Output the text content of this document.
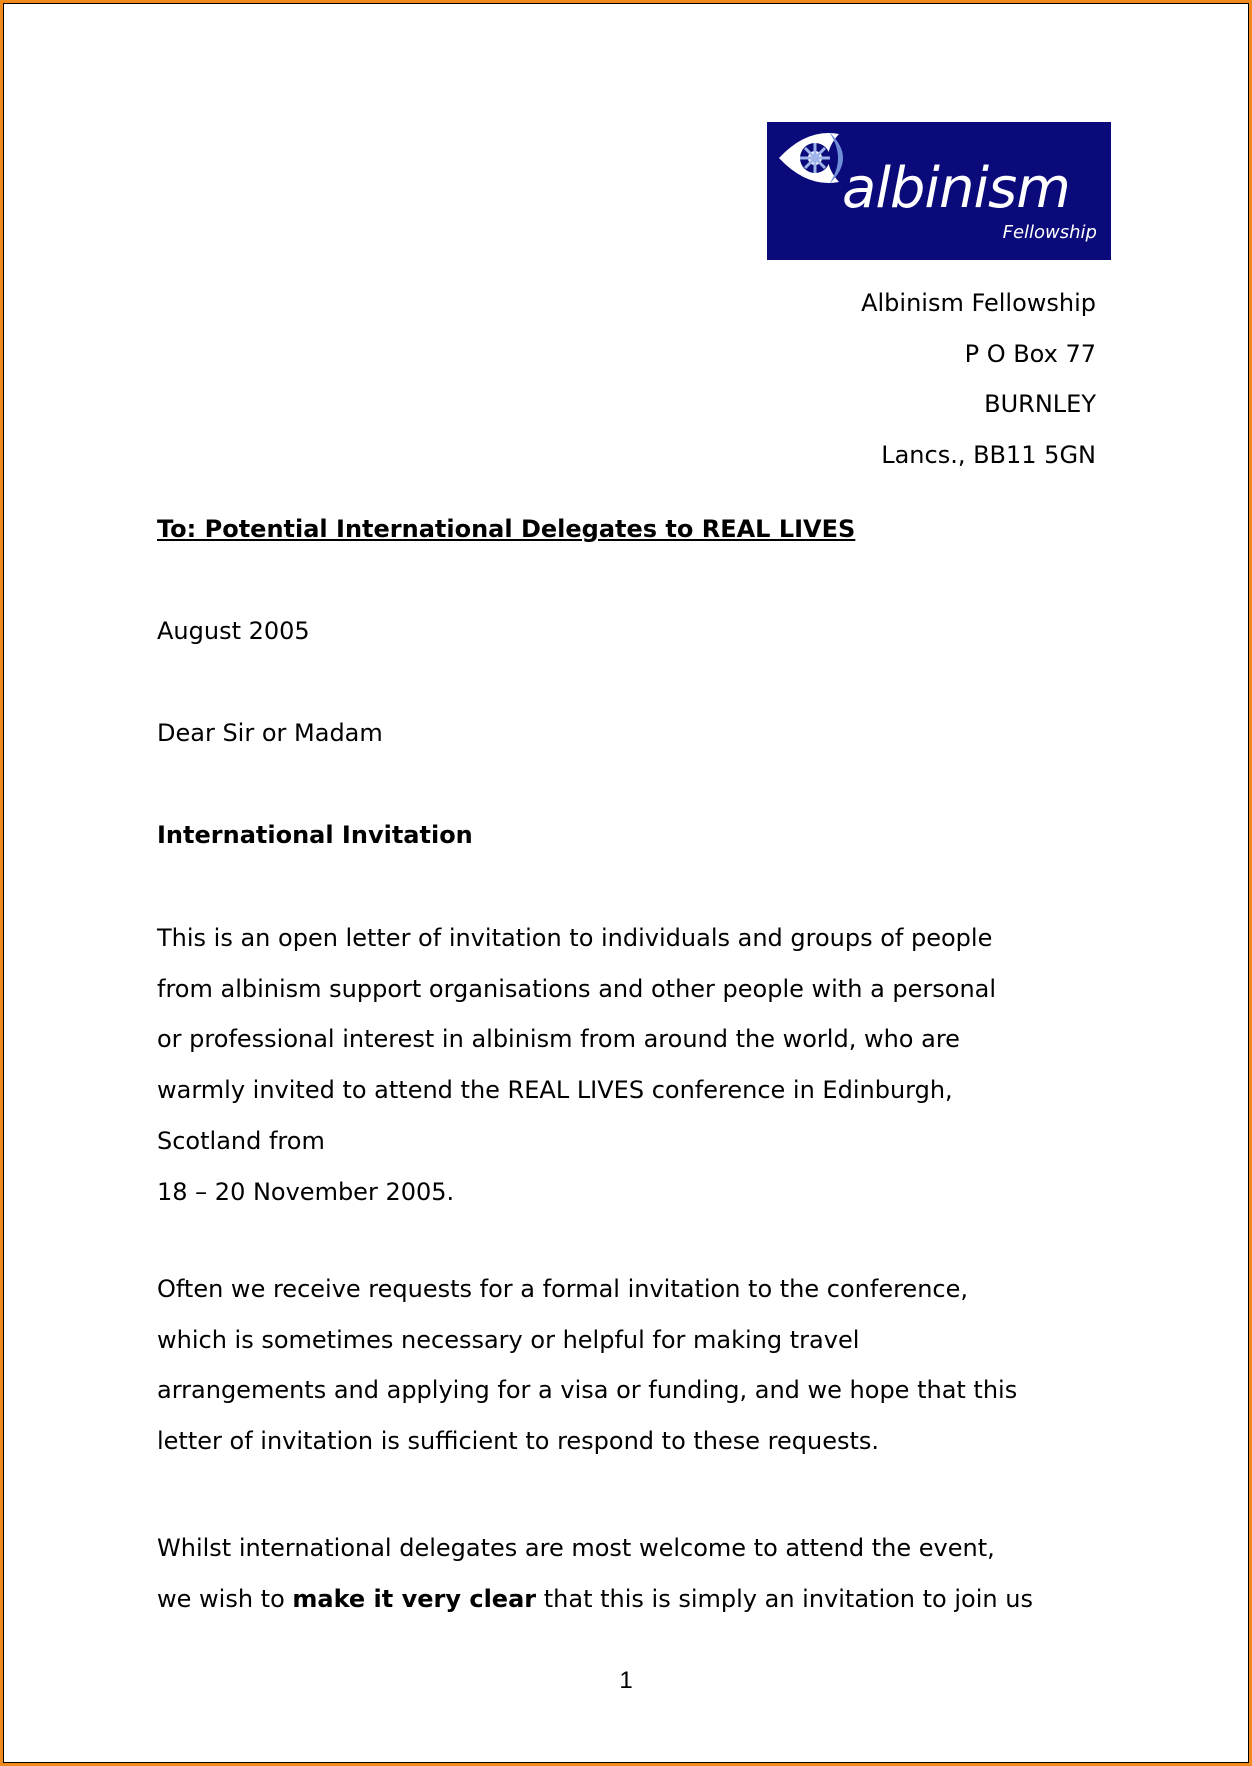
albinism
Fellowship
Albinism Fellowship
P O Box 77
BURNLEY
Lancs., BB11 5GN
To: Potential International Delegates to REAL LIVES
August 2005
Dear Sir or Madam
International Invitation
This is an open letter of invitation to individuals and groups of people
from albinism support organisations and other people with a personal
or professional interest in albinism from around the world, who are
warmly invited to attend the REAL LIVES conference in Edinburgh,
Scotland from
18 – 20 November 2005.
Often we receive requests for a formal invitation to the conference,
which is sometimes necessary or helpful for making travel
arrangements and applying for a visa or funding, and we hope that this
letter of invitation is sufficient to respond to these requests.
Whilst international delegates are most welcome to attend the event,
we wish to make it very clear that this is simply an invitation to join us
1
